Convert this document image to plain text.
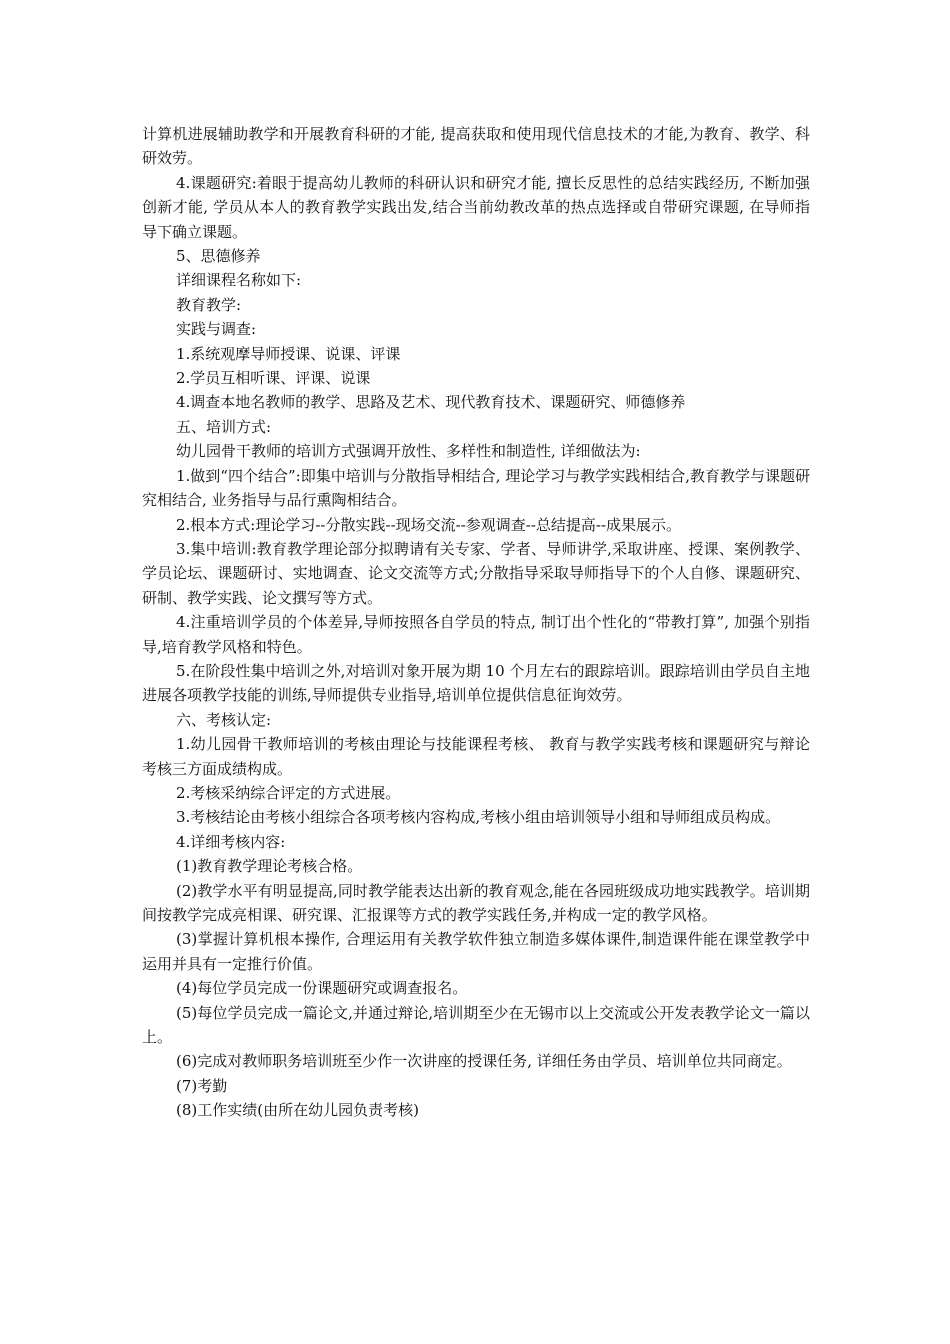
计算机进展辅助教学和开展教育科研的才能, 提高获取和使用现代信息技术的才能,为教育、教学、科研效劳。

4.课题研究:着眼于提高幼儿教师的科研认识和研究才能, 擅长反思性的总结实践经历, 不断加强创新才能, 学员从本人的教育教学实践出发,结合当前幼教改革的热点选择或自带研究课题, 在导师指导下确立课题。

5、思德修养

详细课程名称如下:

教育教学:

实践与调查:

1.系统观摩导师授课、说课、评课

2.学员互相听课、评课、说课

4.调查本地名教师的教学、思路及艺术、现代教育技术、课题研究、师德修养

五、培训方式:

幼儿园骨干教师的培训方式强调开放性、多样性和制造性, 详细做法为:

1.做到“四个结合”:即集中培训与分散指导相结合, 理论学习与教学实践相结合,教育教学与课题研究相结合, 业务指导与品行熏陶相结合。

2.根本方式:理论学习--分散实践--现场交流--参观调查--总结提高--成果展示。

3.集中培训:教育教学理论部分拟聘请有关专家、学者、导师讲学,采取讲座、授课、案例教学、学员论坛、课题研讨、实地调查、论文交流等方式;分散指导采取导师指导下的个人自修、课题研究、研制、教学实践、论文撰写等方式。

4.注重培训学员的个体差异,导师按照各自学员的特点, 制订出个性化的“带教打算”, 加强个别指导,培育教学风格和特色。

5.在阶段性集中培训之外,对培训对象开展为期 10 个月左右的跟踪培训。跟踪培训由学员自主地进展各项教学技能的训练,导师提供专业指导,培训单位提供信息征询效劳。

六、考核认定:

1.幼儿园骨干教师培训的考核由理论与技能课程考核、 教育与教学实践考核和课题研究与辩论考核三方面成绩构成。

2.考核采纳综合评定的方式进展。

3.考核结论由考核小组综合各项考核内容构成,考核小组由培训领导小组和导师组成员构成。

4.详细考核内容:

(1)教育教学理论考核合格。

(2)教学水平有明显提高,同时教学能表达出新的教育观念,能在各园班级成功地实践教学。培训期间按教学完成亮相课、研究课、汇报课等方式的教学实践任务,并构成一定的教学风格。

(3)掌握计算机根本操作, 合理运用有关教学软件独立制造多媒体课件,制造课件能在课堂教学中运用并具有一定推行价值。

(4)每位学员完成一份课题研究或调查报名。

(5)每位学员完成一篇论文,并通过辩论,培训期至少在无锡市以上交流或公开发表教学论文一篇以上。

(6)完成对教师职务培训班至少作一次讲座的授课任务, 详细任务由学员、培训单位共同商定。

(7)考勤

(8)工作实绩(由所在幼儿园负责考核)
